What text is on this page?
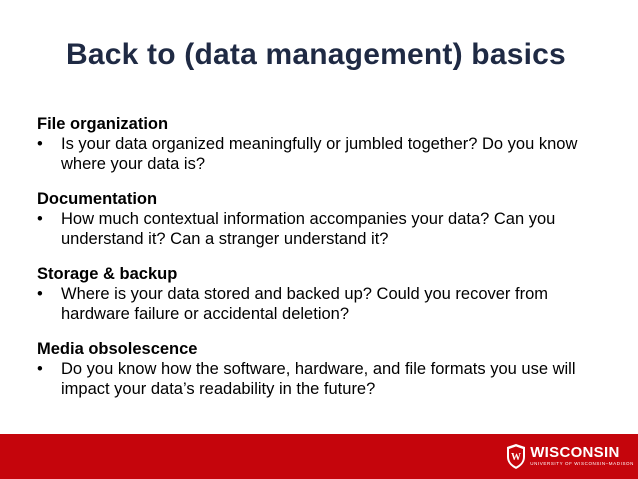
Back to (data management) basics
File organization
•	Is your data organized meaningfully or jumbled together? Do you know where your data is?
Documentation
•	How much contextual information accompanies your data? Can you understand it? Can a stranger understand it?
Storage & backup
•	Where is your data stored and backed up? Could you recover from hardware failure or accidental deletion?
Media obsolescence
•	Do you know how the software, hardware, and file formats you use will impact your data’s readability in the future?
W WISCONSIN
UNIVERSITY OF WISCONSIN–MADISON
